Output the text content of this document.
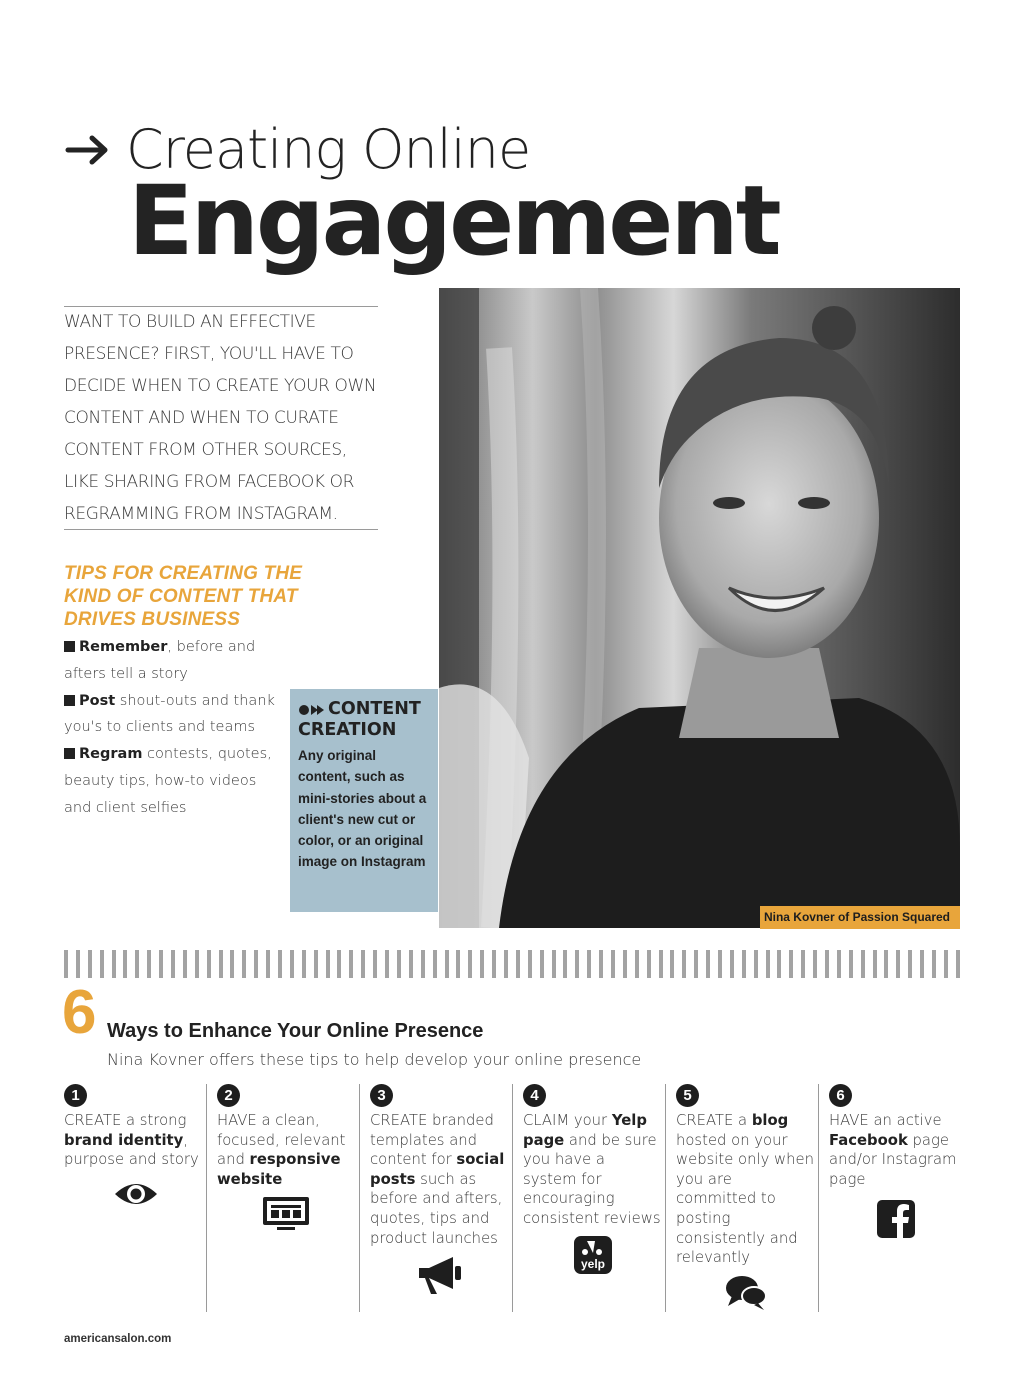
Creating Online
Engagement
WANT TO BUILD AN EFFECTIVE PRESENCE? FIRST, YOU'LL HAVE TO DECIDE WHEN TO CREATE YOUR OWN CONTENT AND WHEN TO CURATE CONTENT FROM OTHER SOURCES, LIKE SHARING FROM FACEBOOK OR REGRAMMING FROM INSTAGRAM.
Nina Kovner of Passion Squared
TIPS FOR CREATING THE KIND OF CONTENT THAT DRIVES BUSINESS
Remember, before and afters tell a story
Post shout-outs and thank you's to clients and teams
Regram contests, quotes, beauty tips, how-to videos and client selfies
CONTENT
CREATION
Any original content, such as mini-stories about a client's new cut or color, or an original image on Instagram
6 Ways to Enhance Your Online Presence
Nina Kovner offers these tips to help develop your online presence
1
CREATE a strong brand identity, purpose and story
2
HAVE a clean, focused, relevant and responsive website
3
CREATE branded templates and content for social posts such as before and afters, quotes, tips and product launches
4
CLAIM your Yelp page and be sure you have a system for encouraging consistent reviews
yelp
5
CREATE a blog hosted on your website only when you are committed to posting consistently and relevantly
6
HAVE an active Facebook page and/or Instagram page
americansalon.com
